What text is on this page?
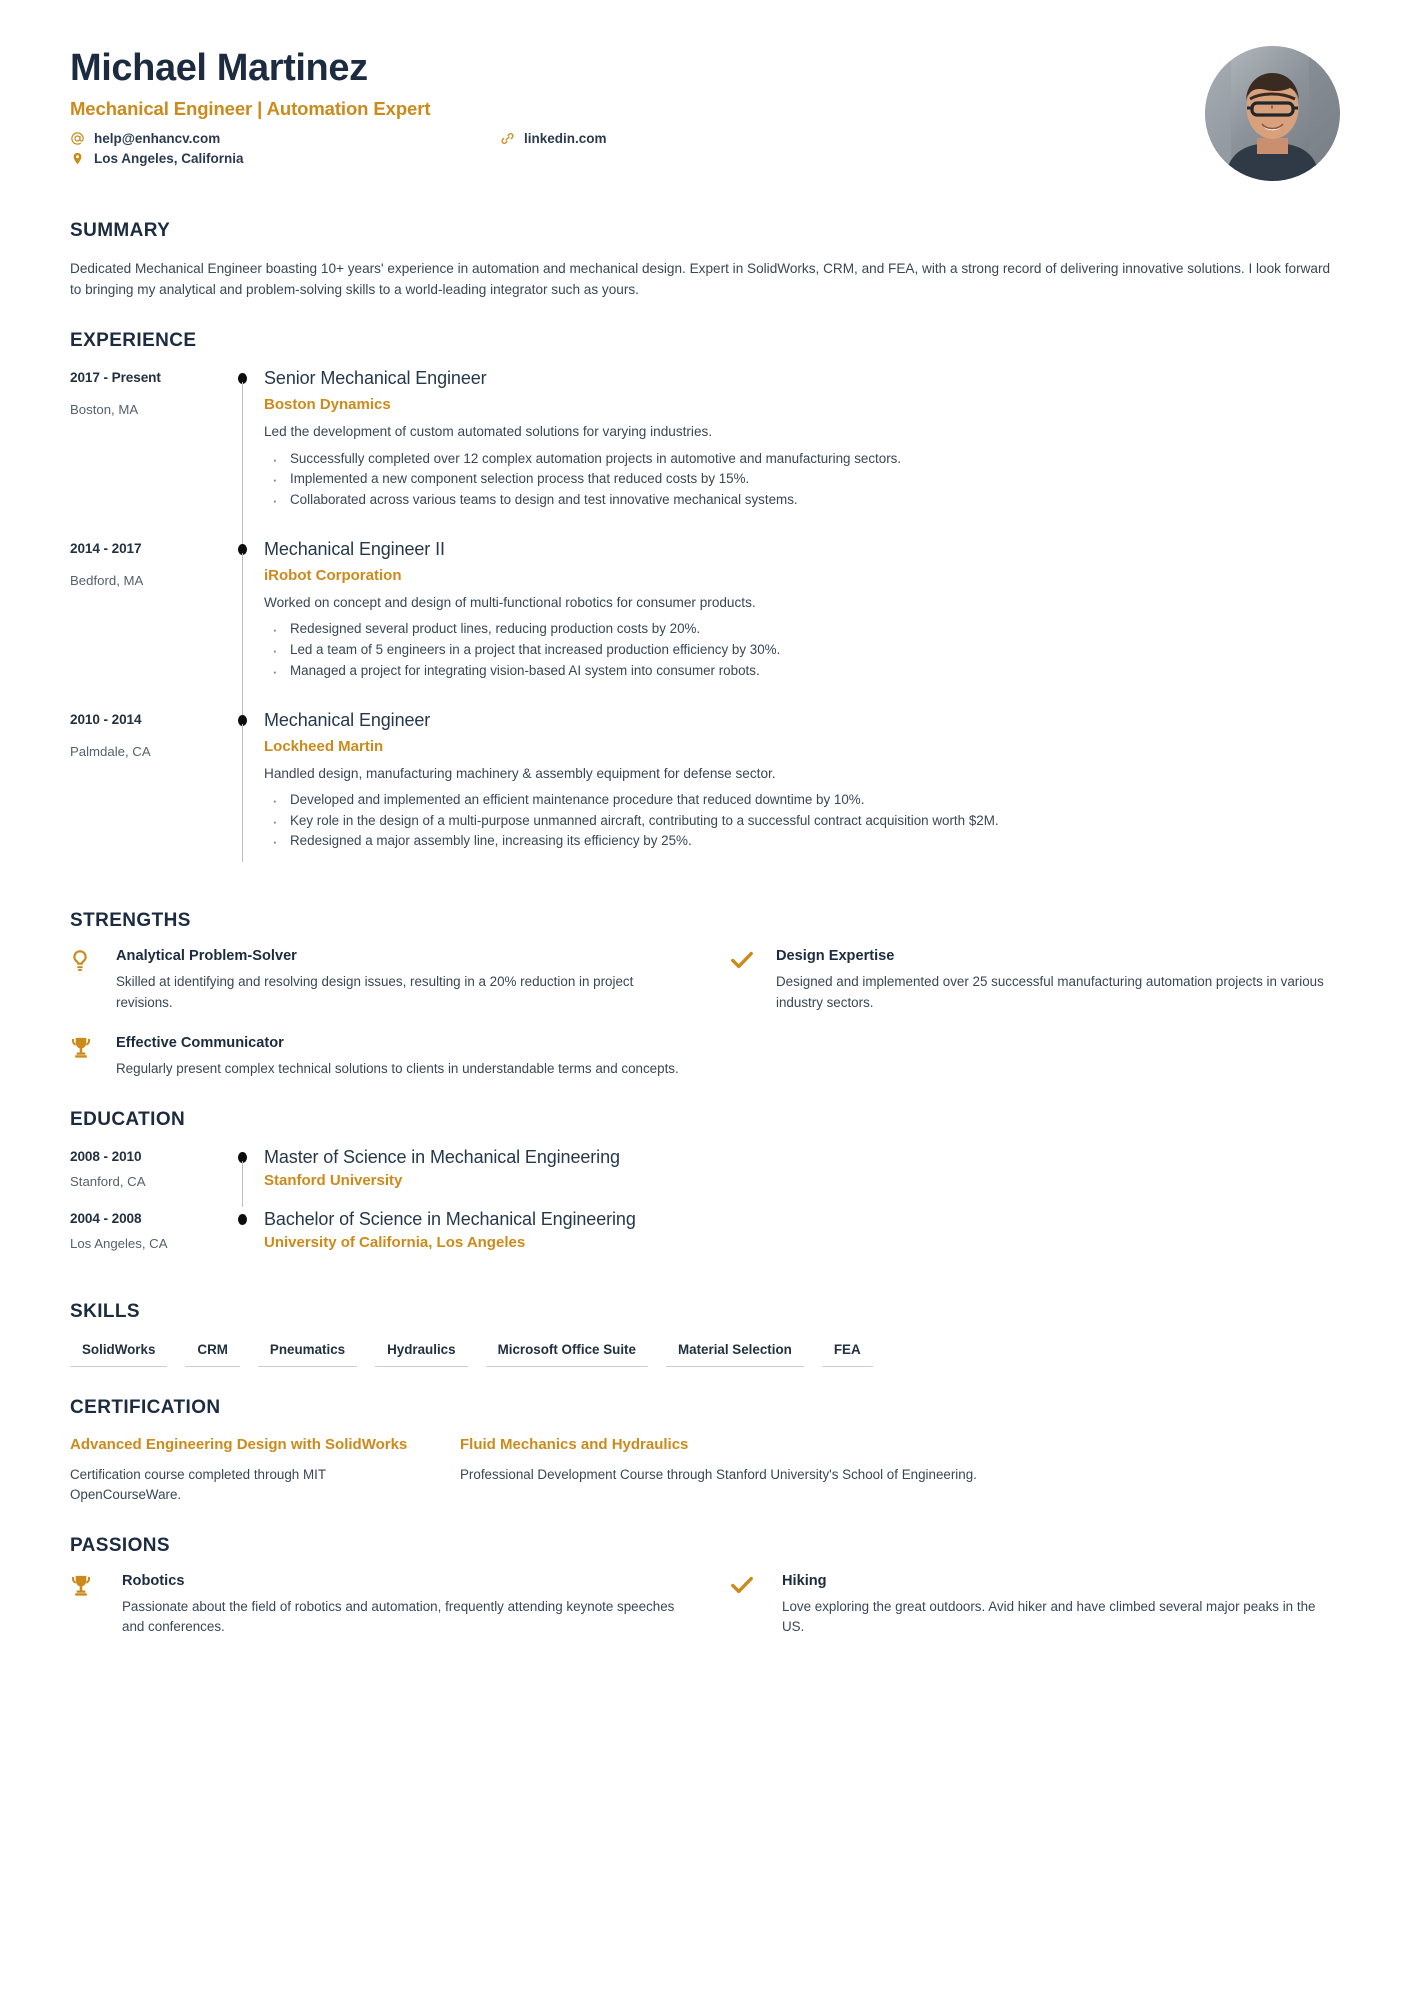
Michael Martinez
Mechanical Engineer | Automation Expert
help@enhancv.com
Los Angeles, California
linkedin.com
SUMMARY
Dedicated Mechanical Engineer boasting 10+ years' experience in automation and mechanical design. Expert in SolidWorks, CRM, and FEA, with a strong record of delivering innovative solutions. I look forward to bringing my analytical and problem-solving skills to a world-leading integrator such as yours.
EXPERIENCE
2017 - Present
Boston, MA
Senior Mechanical Engineer
Boston Dynamics
Led the development of custom automated solutions for varying industries.
· Successfully completed over 12 complex automation projects in automotive and manufacturing sectors.
· Implemented a new component selection process that reduced costs by 15%.
· Collaborated across various teams to design and test innovative mechanical systems.
2014 - 2017
Bedford, MA
Mechanical Engineer II
iRobot Corporation
Worked on concept and design of multi-functional robotics for consumer products.
· Redesigned several product lines, reducing production costs by 20%.
· Led a team of 5 engineers in a project that increased production efficiency by 30%.
· Managed a project for integrating vision-based AI system into consumer robots.
2010 - 2014
Palmdale, CA
Mechanical Engineer
Lockheed Martin
Handled design, manufacturing machinery & assembly equipment for defense sector.
· Developed and implemented an efficient maintenance procedure that reduced downtime by 10%.
· Key role in the design of a multi-purpose unmanned aircraft, contributing to a successful contract acquisition worth $2M.
· Redesigned a major assembly line, increasing its efficiency by 25%.
STRENGTHS
Analytical Problem-Solver
Skilled at identifying and resolving design issues, resulting in a 20% reduction in project revisions.
Design Expertise
Designed and implemented over 25 successful manufacturing automation projects in various industry sectors.
Effective Communicator
Regularly present complex technical solutions to clients in understandable terms and concepts.
EDUCATION
2008 - 2010
Stanford, CA
Master of Science in Mechanical Engineering
Stanford University
2004 - 2008
Los Angeles, CA
Bachelor of Science in Mechanical Engineering
University of California, Los Angeles
SKILLS
SolidWorks	CRM	Pneumatics	Hydraulics	Microsoft Office Suite	Material Selection	FEA
CERTIFICATION
Advanced Engineering Design with SolidWorks
Certification course completed through MIT OpenCourseWare.
Fluid Mechanics and Hydraulics
Professional Development Course through Stanford University's School of Engineering.
PASSIONS
Robotics
Passionate about the field of robotics and automation, frequently attending keynote speeches and conferences.
Hiking
Love exploring the great outdoors. Avid hiker and have climbed several major peaks in the US.
